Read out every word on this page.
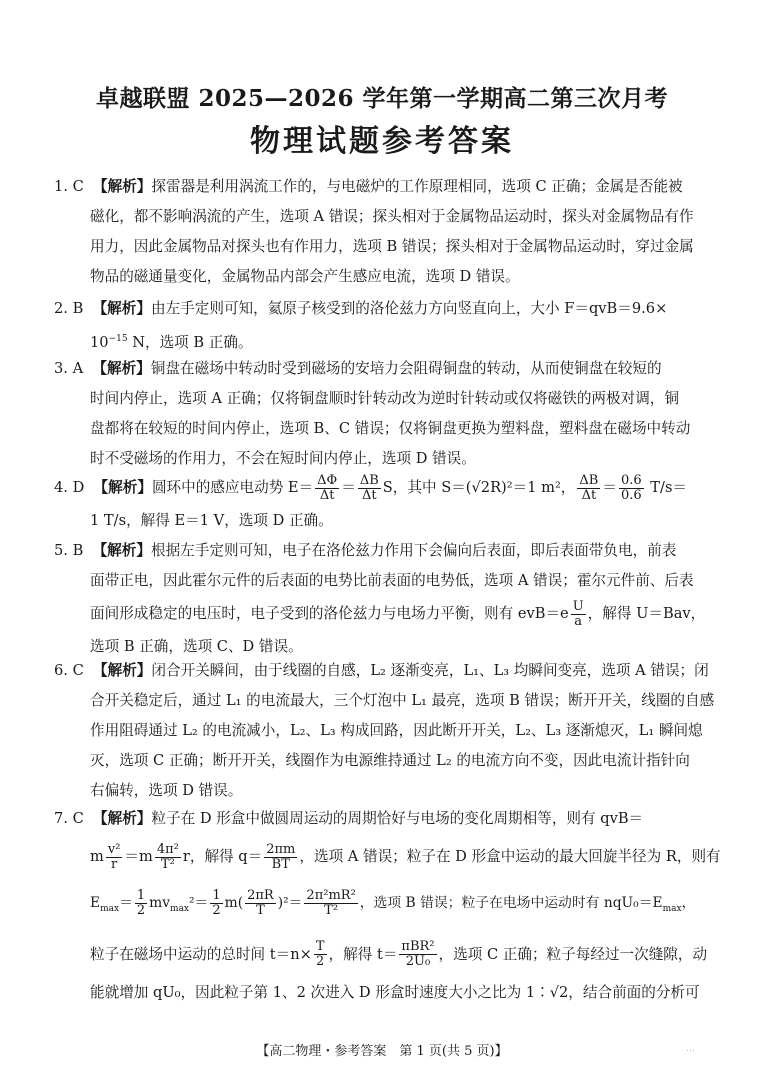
卓越联盟 2025—2026 学年第一学期高二第三次月考
物理试题参考答案
1. C 【解析】探雷器是利用涡流工作的，与电磁炉的工作原理相同，选项 C 正确；金属是否能被
磁化，都不影响涡流的产生，选项 A 错误；探头相对于金属物品运动时，探头对金属物品有作
用力，因此金属物品对探头也有作用力，选项 B 错误；探头相对于金属物品运动时，穿过金属
物品的磁通量变化，金属物品内部会产生感应电流，选项 D 错误。
2. B 【解析】由左手定则可知，氦原子核受到的洛伦兹力方向竖直向上，大小 F＝qvB＝9.6×
$10^{-15}$ N，选项 B 正确。
3. A 【解析】铜盘在磁场中转动时受到磁场的安培力会阻碍铜盘的转动，从而使铜盘在较短的
时间内停止，选项 A 正确；仅将铜盘顺时针转动改为逆时针转动或仅将磁铁的两极对调，铜
盘都将在较短的时间内停止，选项 B、C 错误；仅将铜盘更换为塑料盘，塑料盘在磁场中转动
时不受磁场的作用力，不会在短时间内停止，选项 D 错误。
4. D 【解析】圆环中的感应电动势 $E= \frac{\Delta\Phi}{\Delta t} = \frac{\Delta B}{\Delta t}$ S，其中 S＝(√2R)²＝1 m²， $\frac{\Delta B}{\Delta t} = \frac{0.6}{0.6} T/s=$
1 T/s，解得 E＝1 V，选项 D 正确。
5. B 【解析】根据左手定则可知，电子在洛伦兹力作用下会偏向后表面，即后表面带负电，前表
面带正电，因此霍尔元件的后表面的电势比前表面的电势低，选项 A 错误；霍尔元件前、后表
面间形成稳定的电压时，电子受到的洛伦兹力与电场力平衡，则有 $evB=e \frac{U}{a}$ ，解得 U＝Bav，
选项 B 正确，选项 C、D 错误。
6. C 【解析】闭合开关瞬间，由于线圈的自感，L₂ 逐渐变亮，L₁、L₃ 均瞬间变亮，选项 A 错误；闭
合开关稳定后，通过 L₁ 的电流最大，三个灯泡中 L₁ 最亮，选项 B 错误；断开开关，线圈的自感
作用阻碍通过 L₂ 的电流减小，L₂、L₃ 构成回路，因此断开开关，L₂、L₃ 逐渐熄灭，L₁ 瞬间熄
灭，选项 C 正确；断开开关，线圈作为电源维持通过 L₂ 的电流方向不变，因此电流计指针向
右偏转，选项 D 错误。
7. C 【解析】粒子在 D 形盒中做圆周运动的周期恰好与电场的变化周期相等，则有 qvB＝
m $\frac{\text{v²}}{r} =m \frac{\text{4π²}}{\text{T²}}$ r，解得 $q= \frac{2\pi m}{BT}$ ，选项 A 错误；粒子在 D 形盒中运动的最大回旋半径为 R，则有
$E_{max}= \frac{1}{2} mv_{max}^2= \frac{1}{2} m( \frac{2\pi R}{T} )^2= \frac{\text{2π²mR²}}{\text{T²}}$ ，选项 B 错误；粒子在电场中运动时有 $nqU_0=E_{max}$，
粒子在磁场中运动的总时间 $t=n\times \frac{T}{2}$ ，解得 $t= \frac{\text{πBR²}}{\text{2U₀}}$ ，选项 C 正确；粒子每经过一次缝隙，动
能就增加 qU₀，因此粒子第 1、2 次进入 D 形盒时速度大小之比为 1∶√2，结合前面的分析可
【高二物理・参考答案　第 1 页(共 5 页)】	…
